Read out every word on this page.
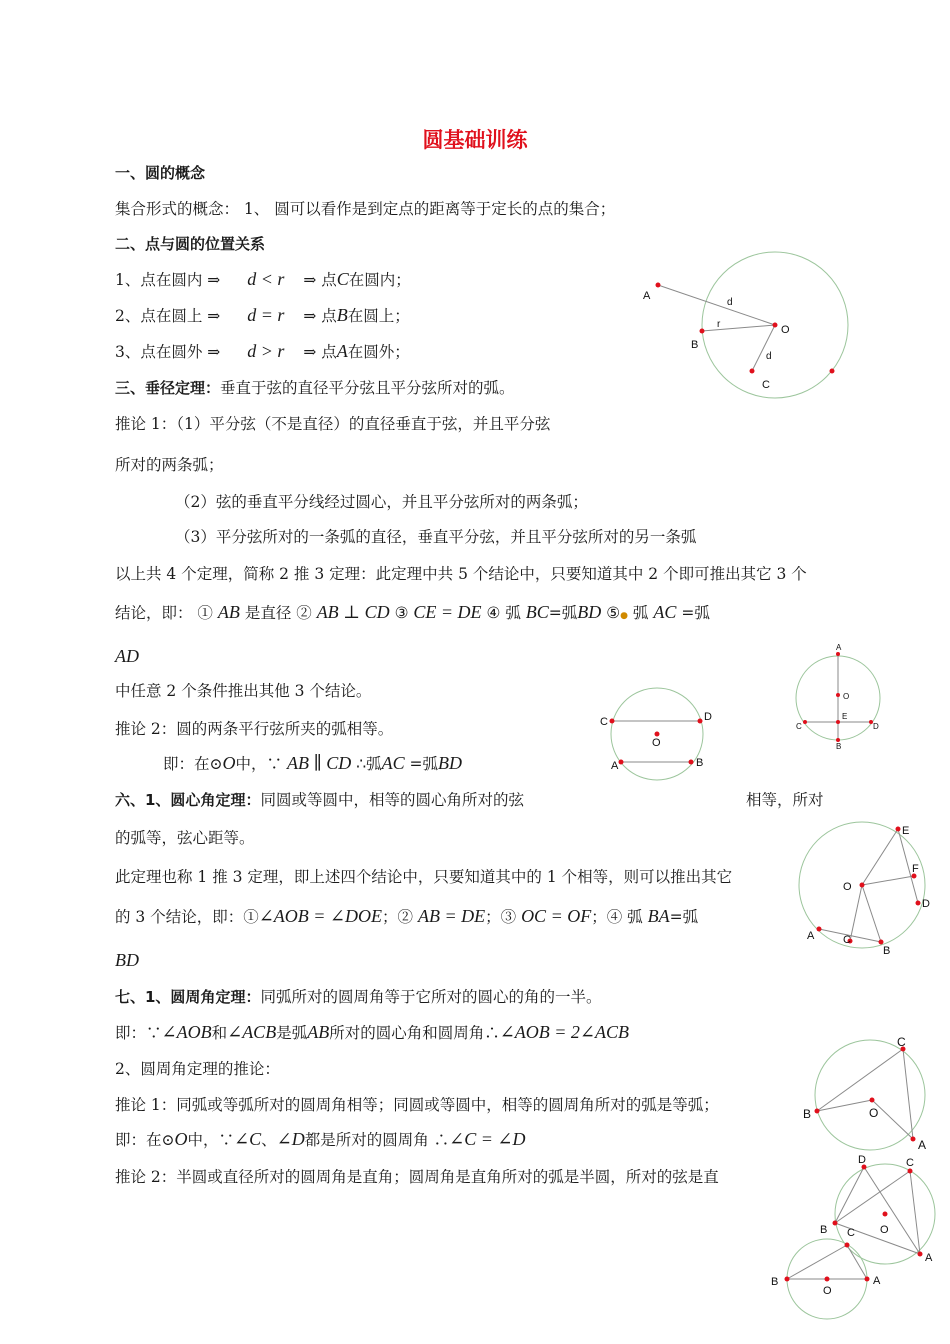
圆基础训练
一、圆的概念
集合形式的概念： 1、 圆可以看作是到定点的距离等于定长的点的集合；
二、点与圆的位置关系
1、点在圆内 ⇒ d < r ⇒ 点C在圆内；
2、点在圆上 ⇒ d = r ⇒ 点B在圆上；
3、点在圆外 ⇒ d > r ⇒ 点A在圆外；
三、垂径定理：垂直于弦的直径平分弦且平分弦所对的弧。
推论 1：（1）平分弦（不是直径）的直径垂直于弦，并且平分弦
所对的两条弧；
（2）弦的垂直平分线经过圆心，并且平分弦所对的两条弧；
（3）平分弦所对的一条弧的直径，垂直平分弦，并且平分弦所对的另一条弧
以上共 4 个定理，简称 2 推 3 定理：此定理中共 5 个结论中，只要知道其中 2 个即可推出其它 3 个
结论，即： ① AB 是直径 ② AB ⊥ CD ③ CE = DE ④ 弧 BC=弧BD ⑤● 弧 AC =弧
AD
中任意 2 个条件推出其他 3 个结论。
推论 2：圆的两条平行弦所夹的弧相等。
即：在⊙O中，∵ AB ∥ CD ∴弧AC =弧BD
六、1、圆心角定理：同圆或等圆中，相等的圆心角所对的弦	相等，所对
的弧等，弦心距等。
此定理也称 1 推 3 定理，即上述四个结论中，只要知道其中的 1 个相等，则可以推出其它
的 3 个结论，即：①∠AOB = ∠DOE；② AB = DE；③ OC = OF；④ 弧 BA=弧
BD
七、1、圆周角定理：同弧所对的圆周角等于它所对的圆心的角的一半。
即：∵∠AOB和∠ACB是弧AB所对的圆心角和圆周角∴∠AOB = 2∠ACB
2、圆周角定理的推论：
推论 1：同弧或等弧所对的圆周角相等；同圆或等圆中，相等的圆周角所对的弧是等弧；
即：在⊙O中，∵∠C、∠D都是所对的圆周角 ∴∠C = ∠D
推论 2：半圆或直径所对的圆周角是直角；圆周角是直角所对的弧是半圆，所对的弦是直
A
d
r	O
B
d
C
C	D
O
A	B
A
O
E
C	D
B
E
F
O
D
A	C
B
C
B	O
A
D	C
B C O
A
B
O
A
